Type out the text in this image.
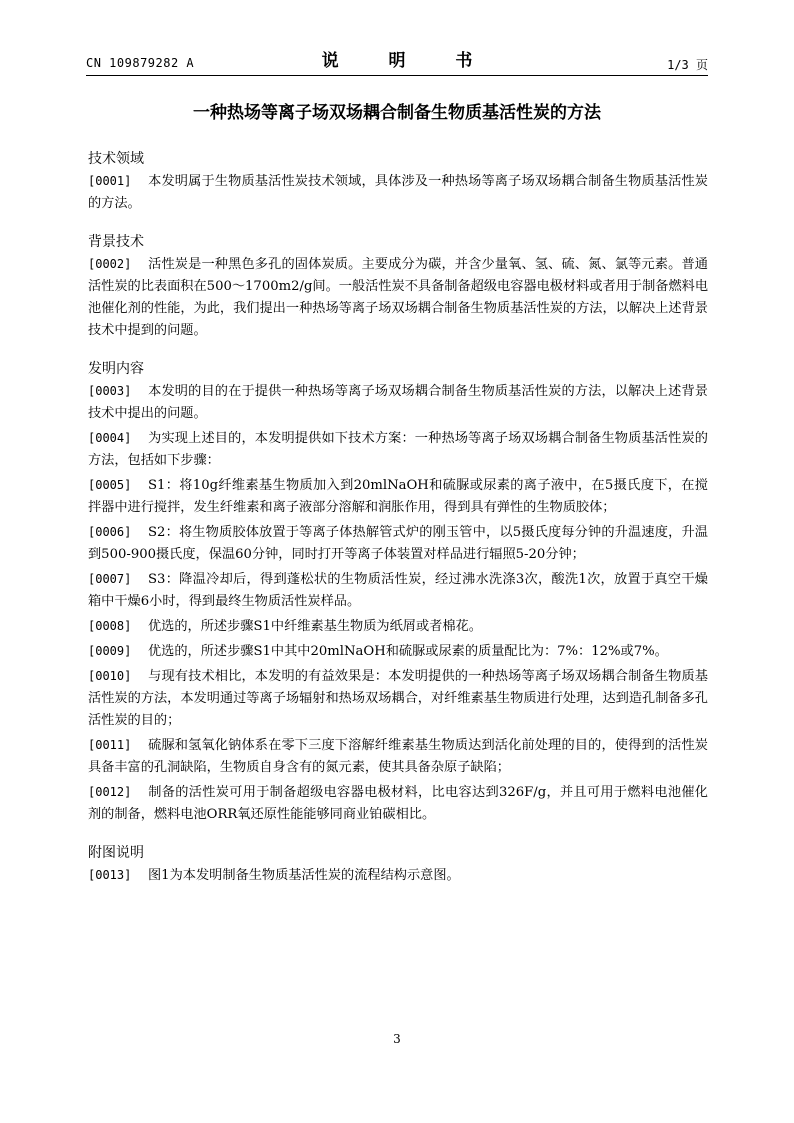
CN 109879282 A	说 明 书	1/3 页
一种热场等离子场双场耦合制备生物质基活性炭的方法
技术领域

[0001] 本发明属于生物质基活性炭技术领域，具体涉及一种热场等离子场双场耦合制备生物质基活性炭的方法。

背景技术

[0002] 活性炭是一种黑色多孔的固体炭质。主要成分为碳，并含少量氧、氢、硫、氮、氯等元素。普通活性炭的比表面积在500～1700m2/g间。一般活性炭不具备制备超级电容器电极材料或者用于制备燃料电池催化剂的性能，为此，我们提出一种热场等离子场双场耦合制备生物质基活性炭的方法，以解决上述背景技术中提到的问题。

发明内容

[0003] 本发明的目的在于提供一种热场等离子场双场耦合制备生物质基活性炭的方法，以解决上述背景技术中提出的问题。

[0004] 为实现上述目的，本发明提供如下技术方案：一种热场等离子场双场耦合制备生物质基活性炭的方法，包括如下步骤：

[0005] S1：将10g纤维素基生物质加入到20mlNaOH和硫脲或尿素的离子液中，在5摄氏度下，在搅拌器中进行搅拌，发生纤维素和离子液部分溶解和润胀作用，得到具有弹性的生物质胶体；

[0006] S2：将生物质胶体放置于等离子体热解管式炉的刚玉管中，以5摄氏度每分钟的升温速度，升温到500-900摄氏度，保温60分钟，同时打开等离子体装置对样品进行辐照5-20分钟；

[0007] S3：降温冷却后，得到蓬松状的生物质活性炭，经过沸水洗涤3次，酸洗1次，放置于真空干燥箱中干燥6小时，得到最终生物质活性炭样品。

[0008] 优选的，所述步骤S1中纤维素基生物质为纸屑或者棉花。

[0009] 优选的，所述步骤S1中其中20mlNaOH和硫脲或尿素的质量配比为：7%：12%或7%。

[0010] 与现有技术相比，本发明的有益效果是：本发明提供的一种热场等离子场双场耦合制备生物质基活性炭的方法，本发明通过等离子场辐射和热场双场耦合，对纤维素基生物质进行处理，达到造孔制备多孔活性炭的目的；

[0011] 硫脲和氢氧化钠体系在零下三度下溶解纤维素基生物质达到活化前处理的目的，使得到的活性炭具备丰富的孔洞缺陷，生物质自身含有的氮元素，使其具备杂原子缺陷；

[0012] 制备的活性炭可用于制备超级电容器电极材料，比电容达到326F/g，并且可用于燃料电池催化剂的制备，燃料电池ORR氧还原性能能够同商业铂碳相比。

附图说明

[0013] 图1为本发明制备生物质基活性炭的流程结构示意图。

3
